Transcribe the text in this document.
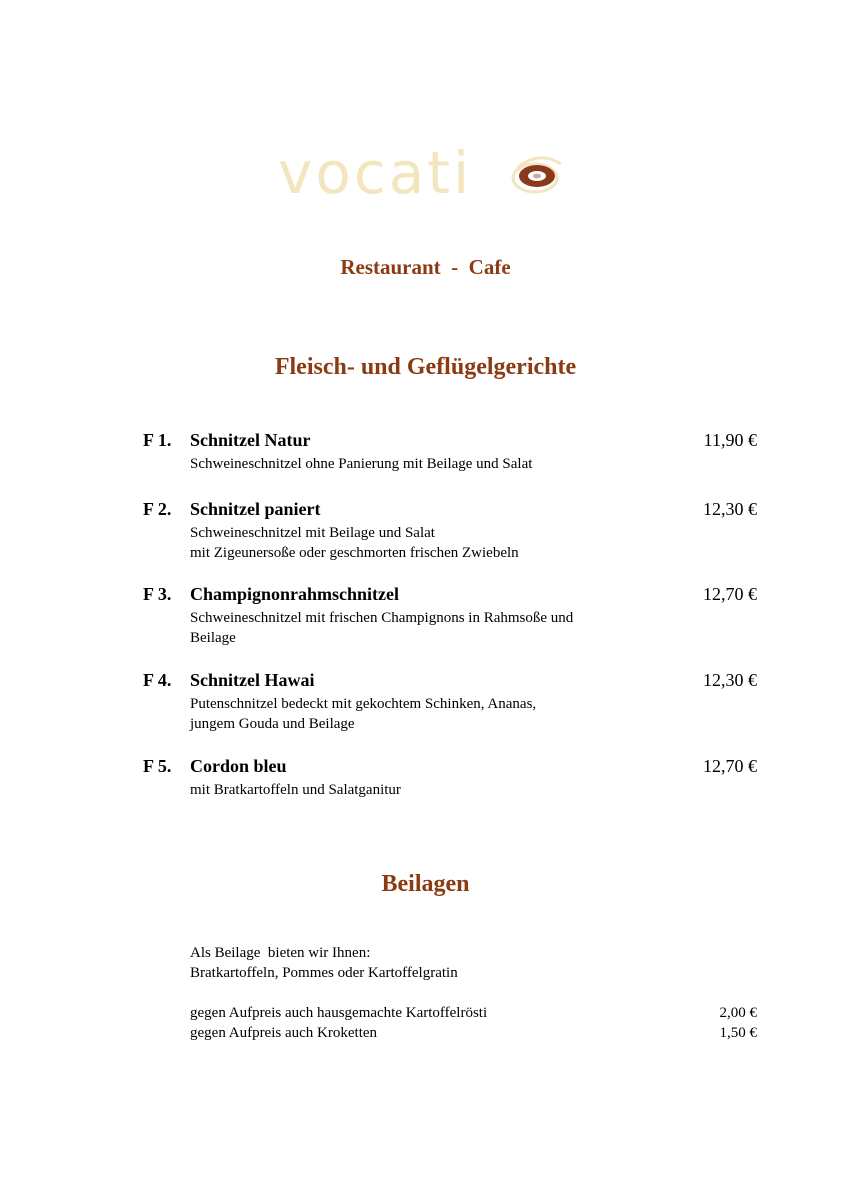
vocati
Restaurant  -  Cafe
Fleisch- und Geflügelgerichte
F 1. Schnitzel Natur	11,90 €
Schweineschnitzel ohne Panierung mit Beilage und Salat
F 2. Schnitzel paniert	12,30 €
Schweineschnitzel mit Beilage und Salat
mit Zigeunersoße oder geschmorten frischen Zwiebeln
F 3. Champignonrahmschnitzel	12,70 €
Schweineschnitzel mit frischen Champignons in Rahmsoße und
Beilage
F 4. Schnitzel Hawai	12,30 €
Putenschnitzel bedeckt mit gekochtem Schinken, Ananas,
jungem Gouda und Beilage
F 5. Cordon bleu	12,70 €
mit Bratkartoffeln und Salatganitur
Beilagen
Als Beilage  bieten wir Ihnen:
Bratkartoffeln, Pommes oder Kartoffelgratin
gegen Aufpreis auch hausgemachte Kartoffelrösti	2,00 €
gegen Aufpreis auch Kroketten	1,50 €
